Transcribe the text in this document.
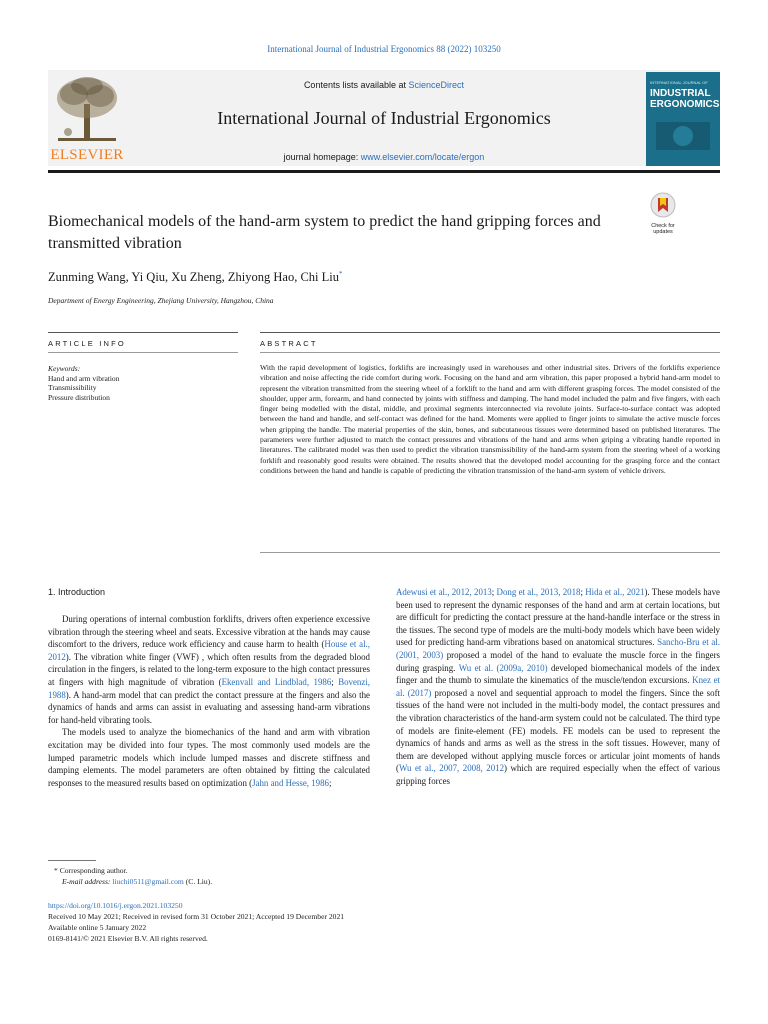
International Journal of Industrial Ergonomics 88 (2022) 103250
ELSEVIER
Contents lists available at ScienceDirect
International Journal of Industrial Ergonomics
journal homepage: www.elsevier.com/locate/ergon
INTERNATIONAL JOURNAL OF
INDUSTRIAL ERGONOMICS
Biomechanical models of the hand-arm system to predict the hand gripping forces and transmitted vibration
Check for updates
Zunming Wang, Yi Qiu, Xu Zheng, Zhiyong Hao, Chi Liu*
Department of Energy Engineering, Zhejiang University, Hangzhou, China
ARTICLE INFO	ABSTRACT
Keywords:
Hand and arm vibration
Transmissibility
Pressure distribution
With the rapid development of logistics, forklifts are increasingly used in warehouses and other industrial sites. Drivers of the forklifts experience vibration and noise affecting the ride comfort during work. Focusing on the hand and arm vibration, this paper proposed a hybrid hand-arm model to represent the vibration transmitted from the steering wheel of a forklift to the hand and arm with different grasping forces. The model consisted of the shoulder, upper arm, forearm, and hand connected by joints with stiffness and damping. The hand model included the palm and five fingers, with each finger being modelled with the distal, middle, and proximal segments interconnected via revolute joints. Surface-to-surface contact was adopted between the hand and handle, and self-contact was defined for the hand. Moments were applied to finger joints to simulate the active muscle forces when gripping the handle. The material properties of the skin, bones, and subcutaneous tissues were determined based on published literatures. The parameters were further adjusted to match the contact pressures and vibrations of the hand and arms when griping a vibrating handle reported in literatures. The calibrated model was then used to predict the vibration transmissibility of the hand-arm system from the steering wheel of a working forklift and reasonably good results were obtained. The results showed that the developed model accounting for the grasping force and the contact conditions between the hand and handle is capable of predicting the vibration transmission of the hand-arm system of vehicle drivers.
1. Introduction

During operations of internal combustion forklifts, drivers often experience excessive vibration through the steering wheel and seats. Excessive vibration at the hands may cause discomfort to the drivers, reduce work efficiency and cause harm to health (House et al., 2012). The vibration white finger (VWF) , which often results from the degraded blood circulation in the fingers, is related to the long-term exposure to the high contact pressures at fingers with high magnitude of vibration (Ekenvall and Lindblad, 1986; Bovenzi, 1988). A hand-arm model that can predict the contact pressure at the fingers and also the dynamics of hands and arms can assist in evaluating and assessing hand-arm vibrations for hand-held vibrating tools.

The models used to analyze the biomechanics of the hand and arm with vibration excitation may be divided into four types. The most commonly used models are the lumped parametric models which include lumped masses and discrete stiffness and damping elements. The model parameters are often obtained by fitting the calculated responses to the measured results based on optimization (Jahn and Hesse, 1986;

Adewusi et al., 2012, 2013; Dong et al., 2013, 2018; Hida et al., 2021). These models have been used to represent the dynamic responses of the hand and arm at certain locations, but are difficult for predicting the contact pressure at the hand-handle interface or the stress in the tissues. The second type of models are the multi-body models which have been widely used for predicting hand-arm vibrations based on anatomical structures. Sancho-Bru et al. (2001, 2003) proposed a model of the hand to evaluate the muscle force in the fingers during grasping. Wu et al. (2009a, 2010) developed biomechanical models of the index finger and the thumb to simulate the kinematics of the muscle/tendon excursions. Knez et al. (2017) proposed a novel and sequential approach to model the fingers. Since the soft tissues of the hand were not included in the multi-body model, the contact pressures and the vibration characteristics of the hand-arm system could not be calculated. The third type of models are finite-element (FE) models. FE models can be used to represent the dynamics of hands and arms as well as the stress in the soft tissues. However, many of them are developed without applying muscle forces or articular joint moments of hands (Wu et al., 2007, 2008, 2012) which are required especially when the effect of various gripping forces

* Corresponding author.
E-mail address: liuchi0511@gmail.com (C. Liu).
https://doi.org/10.1016/j.ergon.2021.103250
Received 10 May 2021; Received in revised form 31 October 2021; Accepted 19 December 2021
Available online 5 January 2022
0169-8141/© 2021 Elsevier B.V. All rights reserved.
